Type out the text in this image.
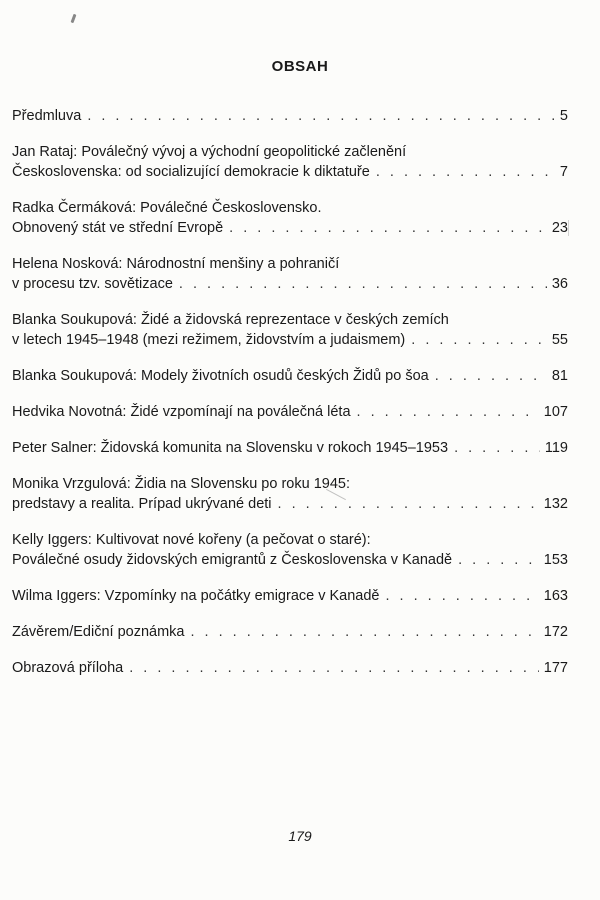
OBSAH
Předmluva . . .	5
Jan Rataj: Poválečný vývoj a východní geopolitické začlenění
Československa: od socializující demokracie k diktatuře . . .	7
Radka Čermáková: Poválečné Československo.
Obnovený stát ve střední Evropě . . .	23
Helena Nosková: Národnostní menšiny a pohraničí
v procesu tzv. sovětizace . . .	36
Blanka Soukupová: Židé a židovská reprezentace v českých zemích
v letech 1945–1948 (mezi režimem, židovstvím a judaismem) . . .	55
Blanka Soukupová: Modely životních osudů českých Židů po šoa . . .	81
Hedvika Novotná: Židé vzpomínají na poválečná léta . . .	107
Peter Salner: Židovská komunita na Slovensku v rokoch 1945–1953 . . .	119
Monika Vrzgulová: Židia na Slovensku po roku 1945:
predstavy a realita. Prípad ukrývané deti . . .	132
Kelly Iggers: Kultivovat nové kořeny (a pečovat o staré):
Poválečné osudy židovských emigrantů z Československa v Kanadě . . .	153
Wilma Iggers: Vzpomínky na počátky emigrace v Kanadě . . .	163
Závěrem/Ediční poznámka . . .	172
Obrazová příloha . . .	177
179
